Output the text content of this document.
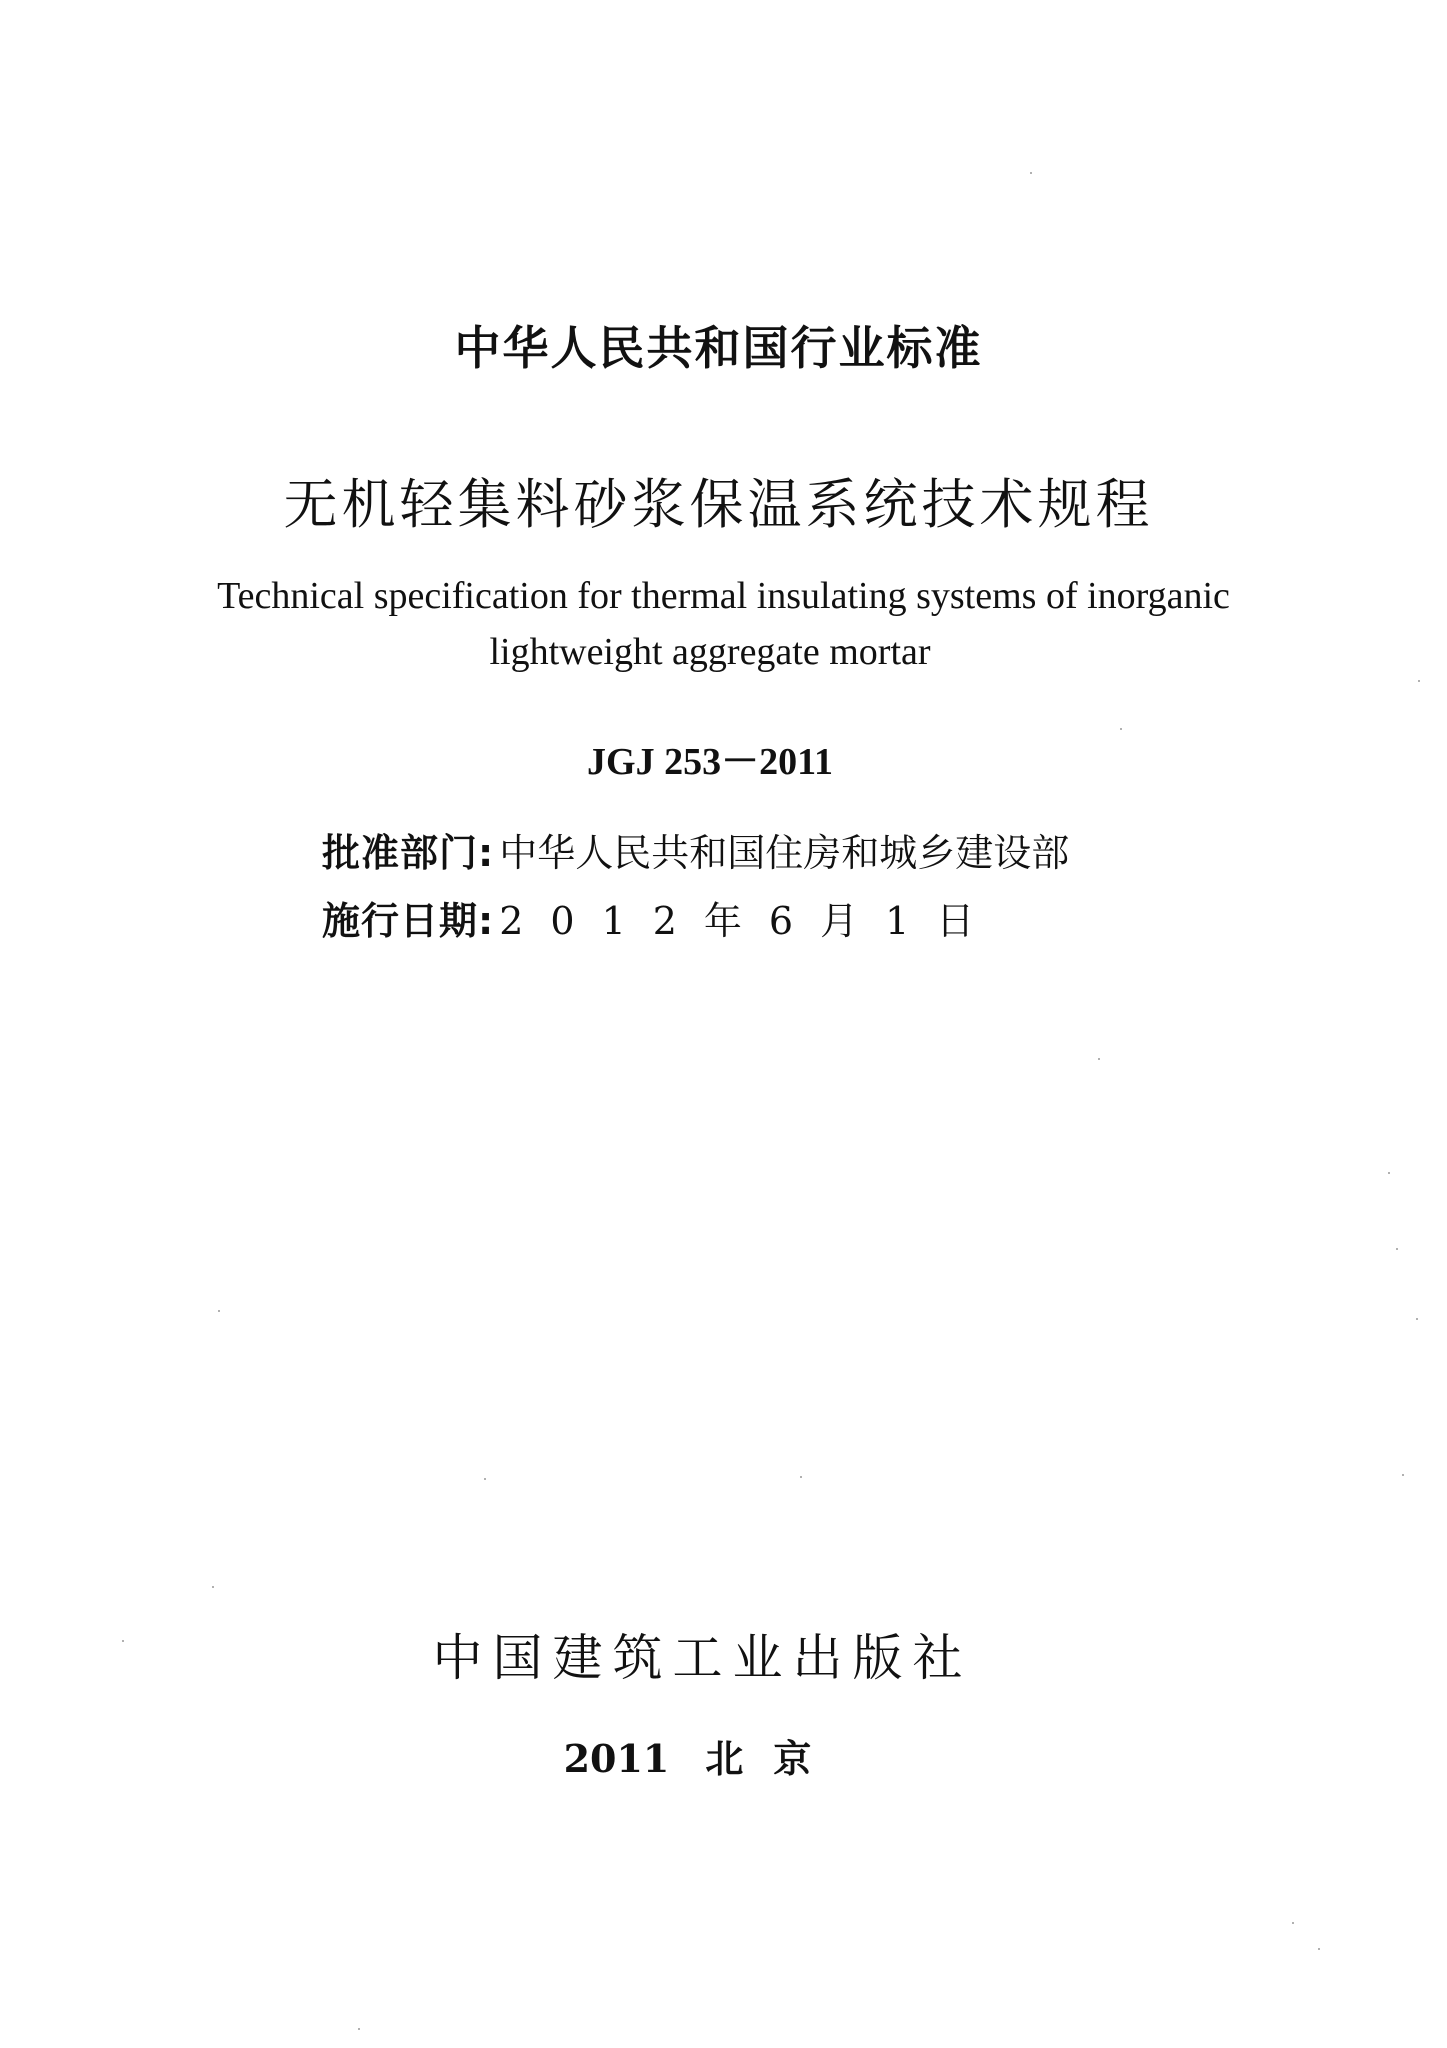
中华人民共和国行业标准
无机轻集料砂浆保温系统技术规程
Technical specification for thermal insulating systems of inorganic
lightweight aggregate mortar
JGJ 253－2011
批准部门 : 中华人民共和国住房和城乡建设部
施行日期 : 2012年6月1日
中国建筑工业出版社
2011 北京
